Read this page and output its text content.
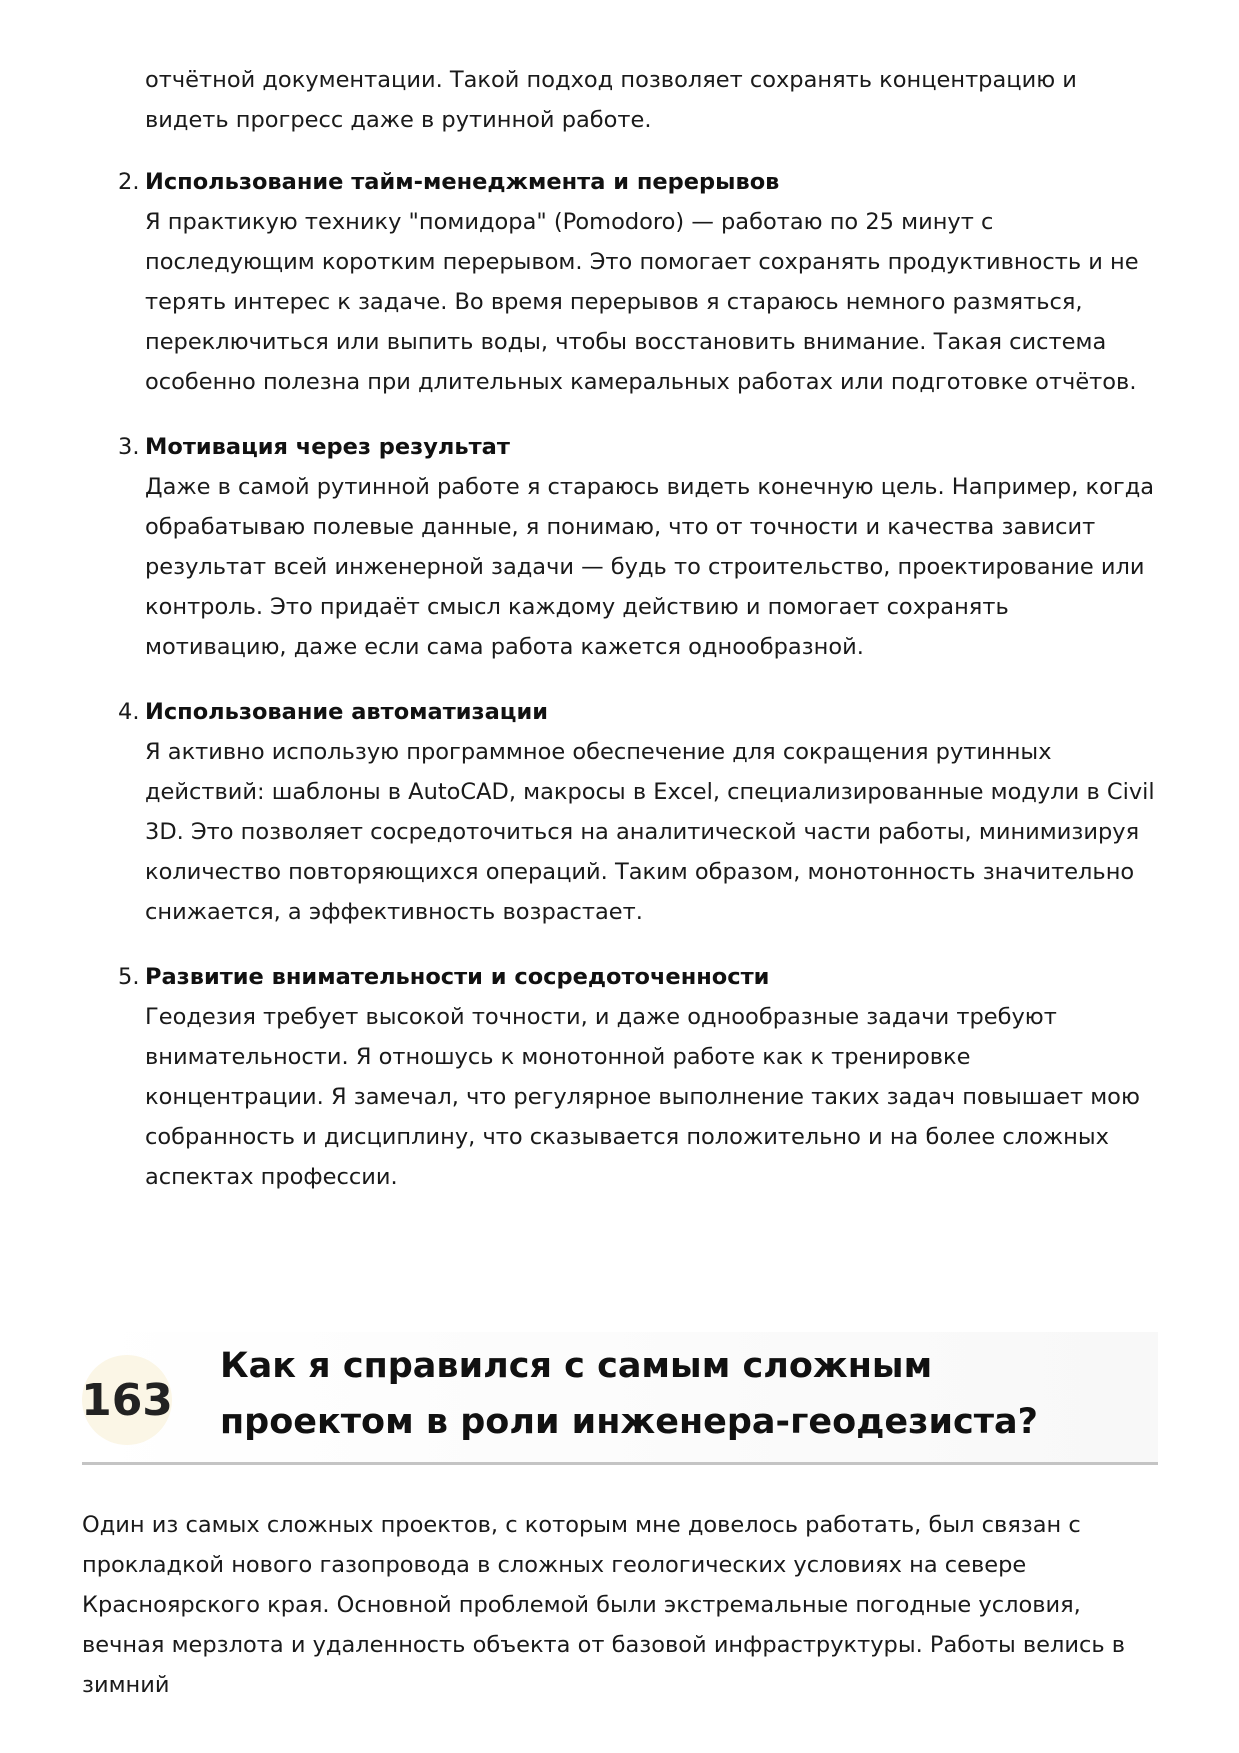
отчётной документации. Такой подход позволяет сохранять концентрацию и видеть прогресс даже в рутинной работе.

2. Использование тайм-менеджмента и перерывов

Я практикую технику "помидора" (Pomodoro) — работаю по 25 минут с последующим коротким перерывом. Это помогает сохранять продуктивность и не терять интерес к задаче. Во время перерывов я стараюсь немного размяться, переключиться или выпить воды, чтобы восстановить внимание. Такая система особенно полезна при длительных камеральных работах или подготовке отчётов.

3. Мотивация через результат

Даже в самой рутинной работе я стараюсь видеть конечную цель. Например, когда обрабатываю полевые данные, я понимаю, что от точности и качества зависит результат всей инженерной задачи — будь то строительство, проектирование или контроль. Это придаёт смысл каждому действию и помогает сохранять мотивацию, даже если сама работа кажется однообразной.

4. Использование автоматизации

Я активно использую программное обеспечение для сокращения рутинных действий: шаблоны в AutoCAD, макросы в Excel, специализированные модули в Civil 3D. Это позволяет сосредоточиться на аналитической части работы, минимизируя количество повторяющихся операций. Таким образом, монотонность значительно снижается, а эффективность возрастает.

5. Развитие внимательности и сосредоточенности

Геодезия требует высокой точности, и даже однообразные задачи требуют внимательности. Я отношусь к монотонной работе как к тренировке концентрации. Я замечал, что регулярное выполнение таких задач повышает мою собранность и дисциплину, что сказывается положительно и на более сложных аспектах профессии.

163
Как я справился с самым сложным проектом в роли инженера-геодезиста?

Один из самых сложных проектов, с которым мне довелось работать, был связан с прокладкой нового газопровода в сложных геологических условиях на севере Красноярского края. Основной проблемой были экстремальные погодные условия, вечная мерзлота и удаленность объекта от базовой инфраструктуры. Работы велись в зимний
